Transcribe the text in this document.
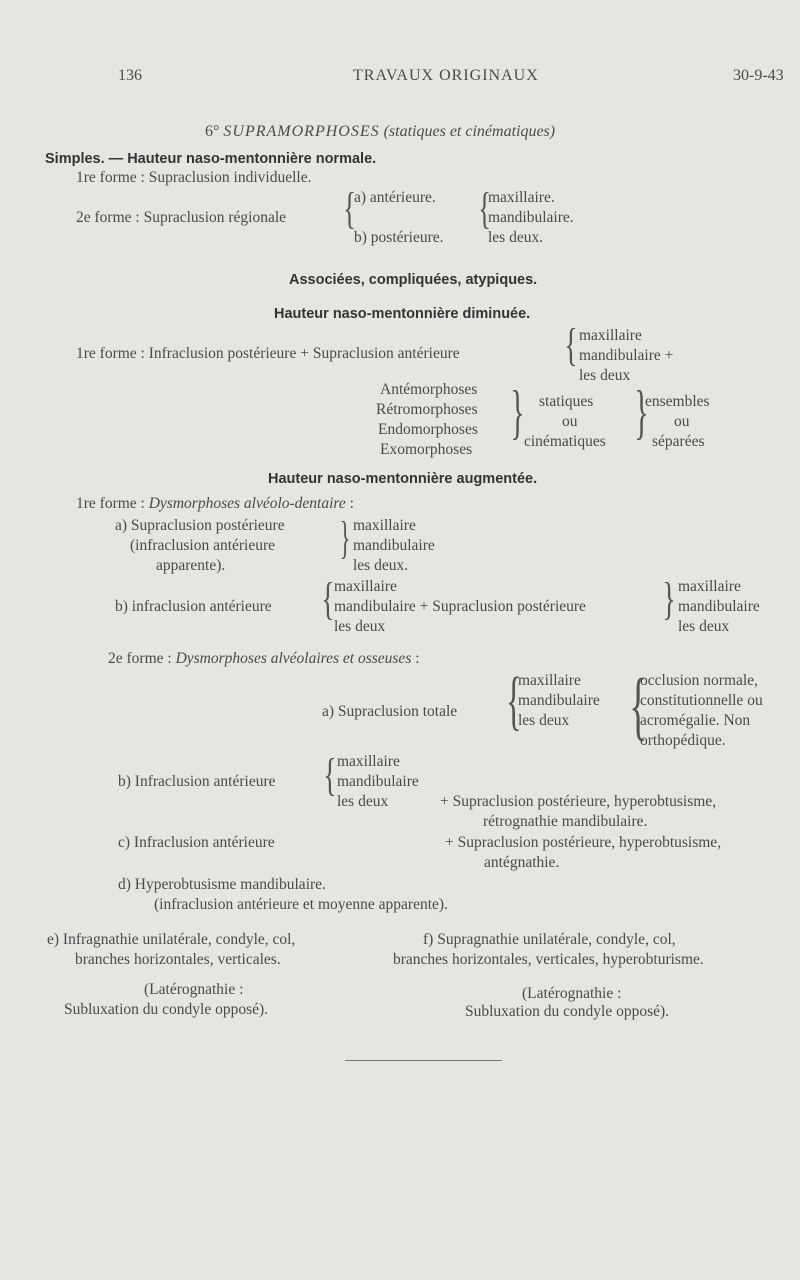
136	TRAVAUX ORIGINAUX	30-9-43
6° SUPRAMORPHOSES (statiques et cinématiques)
Simples. — Hauteur naso-mentonnière normale.
1re forme : Supraclusion individuelle.
2e forme : Supraclusion régionale {
a) antérieure.
b) postérieure.
{
maxillaire.
mandibulaire.
les deux.
Associées, compliquées, atypiques.
Hauteur naso-mentonnière diminuée.
1re forme : Infraclusion postérieure + Supraclusion antérieure { maxillaire
mandibulaire +
les deux
Antémorphoses
Rétromorphoses
Endomorphoses
Exomorphoses
} statiques
ou
cinématiques }
ensembles
ou
séparées
Hauteur naso-mentonnière augmentée.
1re forme : Dysmorphoses alvéolo-dentaire :
a) Supraclusion postérieure
(infraclusion antérieure
apparente).
} maxillaire
mandibulaire
les deux.
b) infraclusion antérieure { maxillaire
mandibulaire + Supraclusion postérieure
les deux
} maxillaire
mandibulaire
les deux
2e forme : Dysmorphoses alvéolaires et osseuses :
a) Supraclusion totale {
maxillaire
mandibulaire
les deux {
occlusion normale,
constitutionnelle ou
acromégalie. Non
orthopédique.
b) Infraclusion antérieure { maxillaire
mandibulaire
les deux	+ Supraclusion postérieure, hyperobtusisme,
rétrognathie mandibulaire.
c) Infraclusion antérieure	+ Supraclusion postérieure, hyperobtusisme,
antégnathie.
d) Hyperobtusisme mandibulaire.
(infraclusion antérieure et moyenne apparente).
e) Infragnathie unilatérale, condyle, col,
branches horizontales, verticales.
(Latérognathie :
Subluxation du condyle opposé).
f) Supragnathie unilatérale, condyle, col,
branches horizontales, verticales, hyperobturisme.
(Latérognathie :
Subluxation du condyle opposé).
